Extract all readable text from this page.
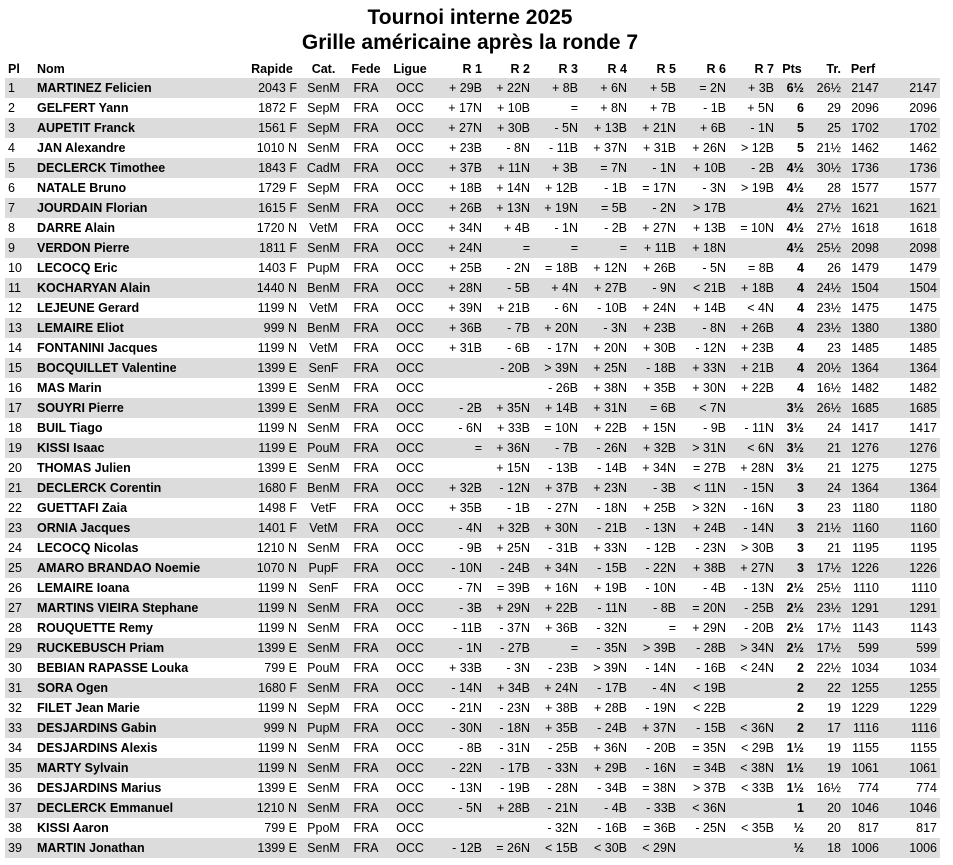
Tournoi interne 2025
Grille américaine après la ronde 7
Pl	Nom	Rapide	Cat.	Fede	Ligue	R 1	R 2	R 3	R 4	R 5	R 6	R 7	Pts	Tr.	Perf	
1	MARTINEZ Felicien	2043 F	SenM	FRA	OCC	+ 29B	+ 22N	+ 8B	+ 6N	+ 5B	= 2N	+ 3B	6½	26½	2147	2147
2	GELFERT Yann	1872 F	SepM	FRA	OCC	+ 17N	+ 10B	=	+ 8N	+ 7B	- 1B	+ 5N	6	29	2096	2096
3	AUPETIT Franck	1561 F	SepM	FRA	OCC	+ 27N	+ 30B	- 5N	+ 13B	+ 21N	+ 6B	- 1N	5	25	1702	1702
4	JAN Alexandre	1010 N	SenM	FRA	OCC	+ 23B	- 8N	- 11B	+ 37N	+ 31B	+ 26N	> 12B	5	21½	1462	1462
5	DECLERCK Timothee	1843 F	CadM	FRA	OCC	+ 37B	+ 11N	+ 3B	= 7N	- 1N	+ 10B	- 2B	4½	30½	1736	1736
6	NATALE Bruno	1729 F	SepM	FRA	OCC	+ 18B	+ 14N	+ 12B	- 1B	= 17N	- 3N	> 19B	4½	28	1577	1577
7	JOURDAIN Florian	1615 F	SenM	FRA	OCC	+ 26B	+ 13N	+ 19N	= 5B	- 2N	> 17B		4½	27½	1621	1621
8	DARRE Alain	1720 N	VetM	FRA	OCC	+ 34N	+ 4B	- 1N	- 2B	+ 27N	+ 13B	= 10N	4½	27½	1618	1618
9	VERDON Pierre	1811 F	SenM	FRA	OCC	+ 24N	=	=	=	+ 11B	+ 18N		4½	25½	2098	2098
10	LECOCQ Eric	1403 F	PupM	FRA	OCC	+ 25B	- 2N	= 18B	+ 12N	+ 26B	- 5N	= 8B	4	26	1479	1479
11	KOCHARYAN Alain	1440 N	BenM	FRA	OCC	+ 28N	- 5B	+ 4N	+ 27B	- 9N	< 21B	+ 18B	4	24½	1504	1504
12	LEJEUNE Gerard	1199 N	VetM	FRA	OCC	+ 39N	+ 21B	- 6N	- 10B	+ 24N	+ 14B	< 4N	4	23½	1475	1475
13	LEMAIRE Eliot	999 N	BenM	FRA	OCC	+ 36B	- 7B	+ 20N	- 3N	+ 23B	- 8N	+ 26B	4	23½	1380	1380
14	FONTANINI Jacques	1199 N	VetM	FRA	OCC	+ 31B	- 6B	- 17N	+ 20N	+ 30B	- 12N	+ 23B	4	23	1485	1485
15	BOCQUILLET Valentine	1399 E	SenF	FRA	OCC		- 20B	> 39N	+ 25N	- 18B	+ 33N	+ 21B	4	20½	1364	1364
16	MAS Marin	1399 E	SenM	FRA	OCC			- 26B	+ 38N	+ 35B	+ 30N	+ 22B	4	16½	1482	1482
17	SOUYRI Pierre	1399 E	SenM	FRA	OCC	- 2B	+ 35N	+ 14B	+ 31N	= 6B	< 7N		3½	26½	1685	1685
18	BUIL Tiago	1199 N	SenM	FRA	OCC	- 6N	+ 33B	= 10N	+ 22B	+ 15N	- 9B	- 11N	3½	24	1417	1417
19	KISSI Isaac	1199 E	PouM	FRA	OCC	=	+ 36N	- 7B	- 26N	+ 32B	> 31N	< 6N	3½	21	1276	1276
20	THOMAS Julien	1399 E	SenM	FRA	OCC		+ 15N	- 13B	- 14B	+ 34N	= 27B	+ 28N	3½	21	1275	1275
21	DECLERCK Corentin	1680 F	BenM	FRA	OCC	+ 32B	- 12N	+ 37B	+ 23N	- 3B	< 11N	- 15N	3	24	1364	1364
22	GUETTAFI Zaia	1498 F	VetF	FRA	OCC	+ 35B	- 1B	- 27N	- 18N	+ 25B	> 32N	- 16N	3	23	1180	1180
23	ORNIA Jacques	1401 F	VetM	FRA	OCC	- 4N	+ 32B	+ 30N	- 21B	- 13N	+ 24B	- 14N	3	21½	1160	1160
24	LECOCQ Nicolas	1210 N	SenM	FRA	OCC	- 9B	+ 25N	- 31B	+ 33N	- 12B	- 23N	> 30B	3	21	1195	1195
25	AMARO BRANDAO Noemie	1070 N	PupF	FRA	OCC	- 10N	- 24B	+ 34N	- 15B	- 22N	+ 38B	+ 27N	3	17½	1226	1226
26	LEMAIRE Ioana	1199 N	SenF	FRA	OCC	- 7N	= 39B	+ 16N	+ 19B	- 10N	- 4B	- 13N	2½	25½	1110	1110
27	MARTINS VIEIRA Stephane	1199 N	SenM	FRA	OCC	- 3B	+ 29N	+ 22B	- 11N	- 8B	= 20N	- 25B	2½	23½	1291	1291
28	ROUQUETTE Remy	1199 N	SenM	FRA	OCC	- 11B	- 37N	+ 36B	- 32N	=	+ 29N	- 20B	2½	17½	1143	1143
29	RUCKEBUSCH Priam	1399 E	SenM	FRA	OCC	- 1N	- 27B	=	- 35N	> 39B	- 28B	> 34N	2½	17½	599	599
30	BEBIAN RAPASSE Louka	799 E	PouM	FRA	OCC	+ 33B	- 3N	- 23B	> 39N	- 14N	- 16B	< 24N	2	22½	1034	1034
31	SORA Ogen	1680 F	SenM	FRA	OCC	- 14N	+ 34B	+ 24N	- 17B	- 4N	< 19B		2	22	1255	1255
32	FILET Jean Marie	1199 N	SepM	FRA	OCC	- 21N	- 23N	+ 38B	+ 28B	- 19N	< 22B		2	19	1229	1229
33	DESJARDINS Gabin	999 N	PupM	FRA	OCC	- 30N	- 18N	+ 35B	- 24B	+ 37N	- 15B	< 36N	2	17	1116	1116
34	DESJARDINS Alexis	1199 N	SenM	FRA	OCC	- 8B	- 31N	- 25B	+ 36N	- 20B	= 35N	< 29B	1½	19	1155	1155
35	MARTY Sylvain	1199 N	SenM	FRA	OCC	- 22N	- 17B	- 33N	+ 29B	- 16N	= 34B	< 38N	1½	19	1061	1061
36	DESJARDINS Marius	1399 E	SenM	FRA	OCC	- 13N	- 19B	- 28N	- 34B	= 38N	> 37B	< 33B	1½	16½	774	774
37	DECLERCK Emmanuel	1210 N	SenM	FRA	OCC	- 5N	+ 28B	- 21N	- 4B	- 33B	< 36N		1	20	1046	1046
38	KISSI Aaron	799 E	PpoM	FRA	OCC			- 32N	- 16B	= 36B	- 25N	< 35B	½	20	817	817
39	MARTIN Jonathan	1399 E	SenM	FRA	OCC	- 12B	= 26N	< 15B	< 30B	< 29N			½	18	1006	1006
